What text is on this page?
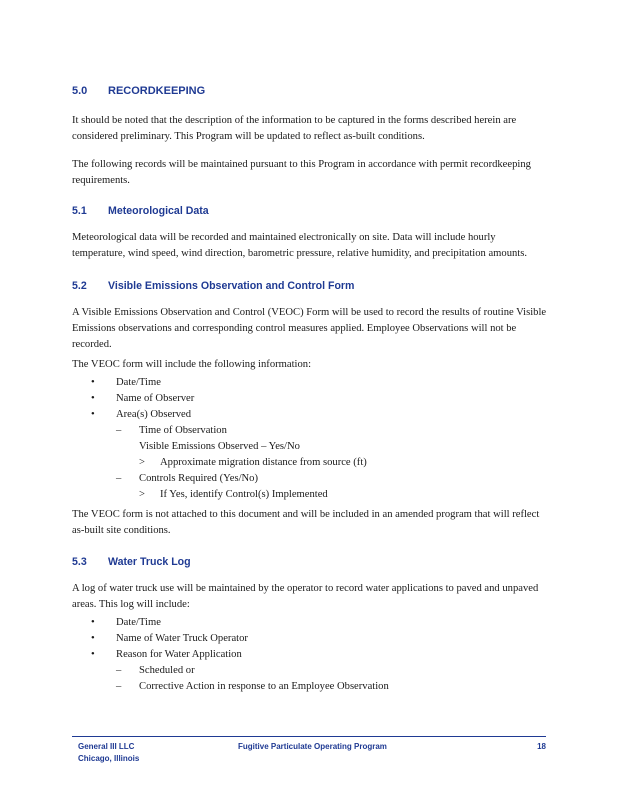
5.0	RECORDKEEPING

It should be noted that the description of the information to be captured in the forms described herein are considered preliminary. This Program will be updated to reflect as-built conditions.

The following records will be maintained pursuant to this Program in accordance with permit recordkeeping requirements.

5.1	Meteorological Data

Meteorological data will be recorded and maintained electronically on site. Data will include hourly temperature, wind speed, wind direction, barometric pressure, relative humidity, and precipitation amounts.

5.2	Visible Emissions Observation and Control Form

A Visible Emissions Observation and Control (VEOC) Form will be used to record the results of routine Visible Emissions observations and corresponding control measures applied. Employee Observations will not be recorded.

The VEOC form will include the following information:

• Date/Time
• Name of Observer
• Area(s) Observed
– Time of Observation
Visible Emissions Observed – Yes/No
> Approximate migration distance from source (ft)
– Controls Required (Yes/No)
> If Yes, identify Control(s) Implemented

The VEOC form is not attached to this document and will be included in an amended program that will reflect as-built site conditions.

5.3	Water Truck Log

A log of water truck use will be maintained by the operator to record water applications to paved and unpaved areas. This log will include:

• Date/Time
• Name of Water Truck Operator
• Reason for Water Application
– Scheduled or
– Corrective Action in response to an Employee Observation
General III LLC	Fugitive Particulate Operating Program	18
Chicago, Illinois
